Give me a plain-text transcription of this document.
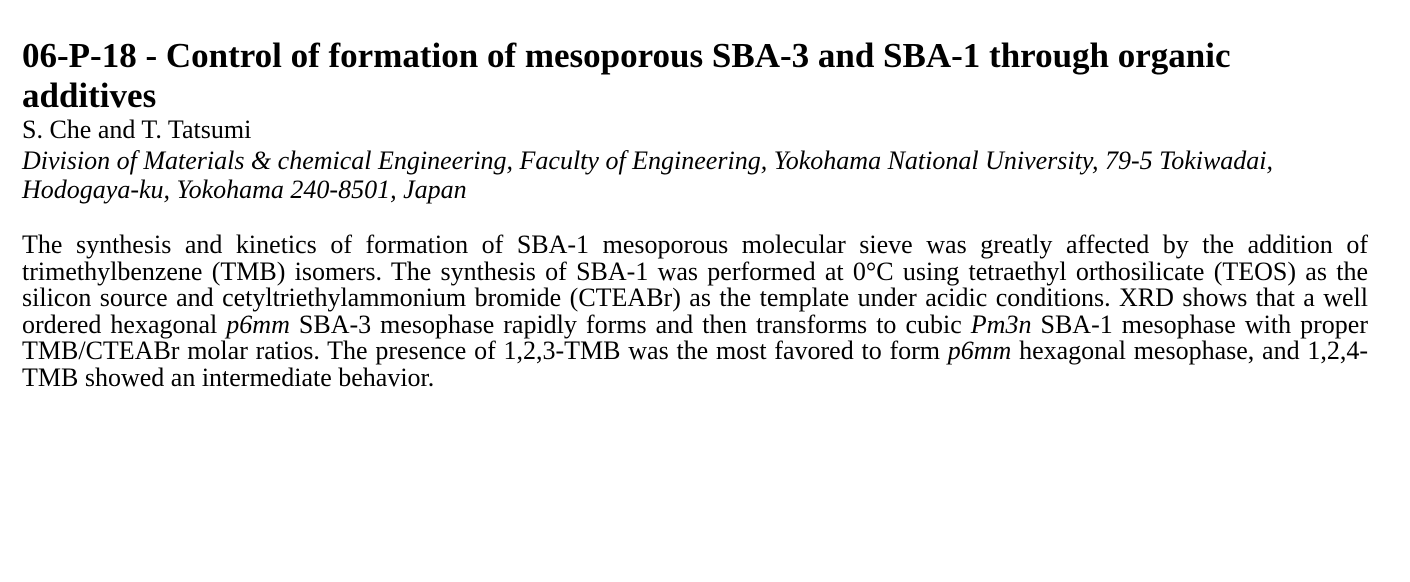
06-P-18 - Control of formation of mesoporous SBA-3 and SBA-1 through organic additives
S. Che and T. Tatsumi
Division of Materials & chemical Engineering, Faculty of Engineering, Yokohama National University, 79-5 Tokiwadai, Hodogaya-ku, Yokohama 240-8501, Japan

The synthesis and kinetics of formation of SBA-1 mesoporous molecular sieve was greatly affected by the addition of trimethylbenzene (TMB) isomers. The synthesis of SBA-1 was performed at 0°C using tetraethyl orthosilicate (TEOS) as the silicon source and cetyltriethylammonium bromide (CTEABr) as the template under acidic conditions. XRD shows that a well ordered hexagonal p6mm SBA-3 mesophase rapidly forms and then transforms to cubic Pm3n SBA-1 mesophase with proper TMB/CTEABr molar ratios. The presence of 1,2,3-TMB was the most favored to form p6mm hexagonal mesophase, and 1,2,4-TMB showed an intermediate behavior.
